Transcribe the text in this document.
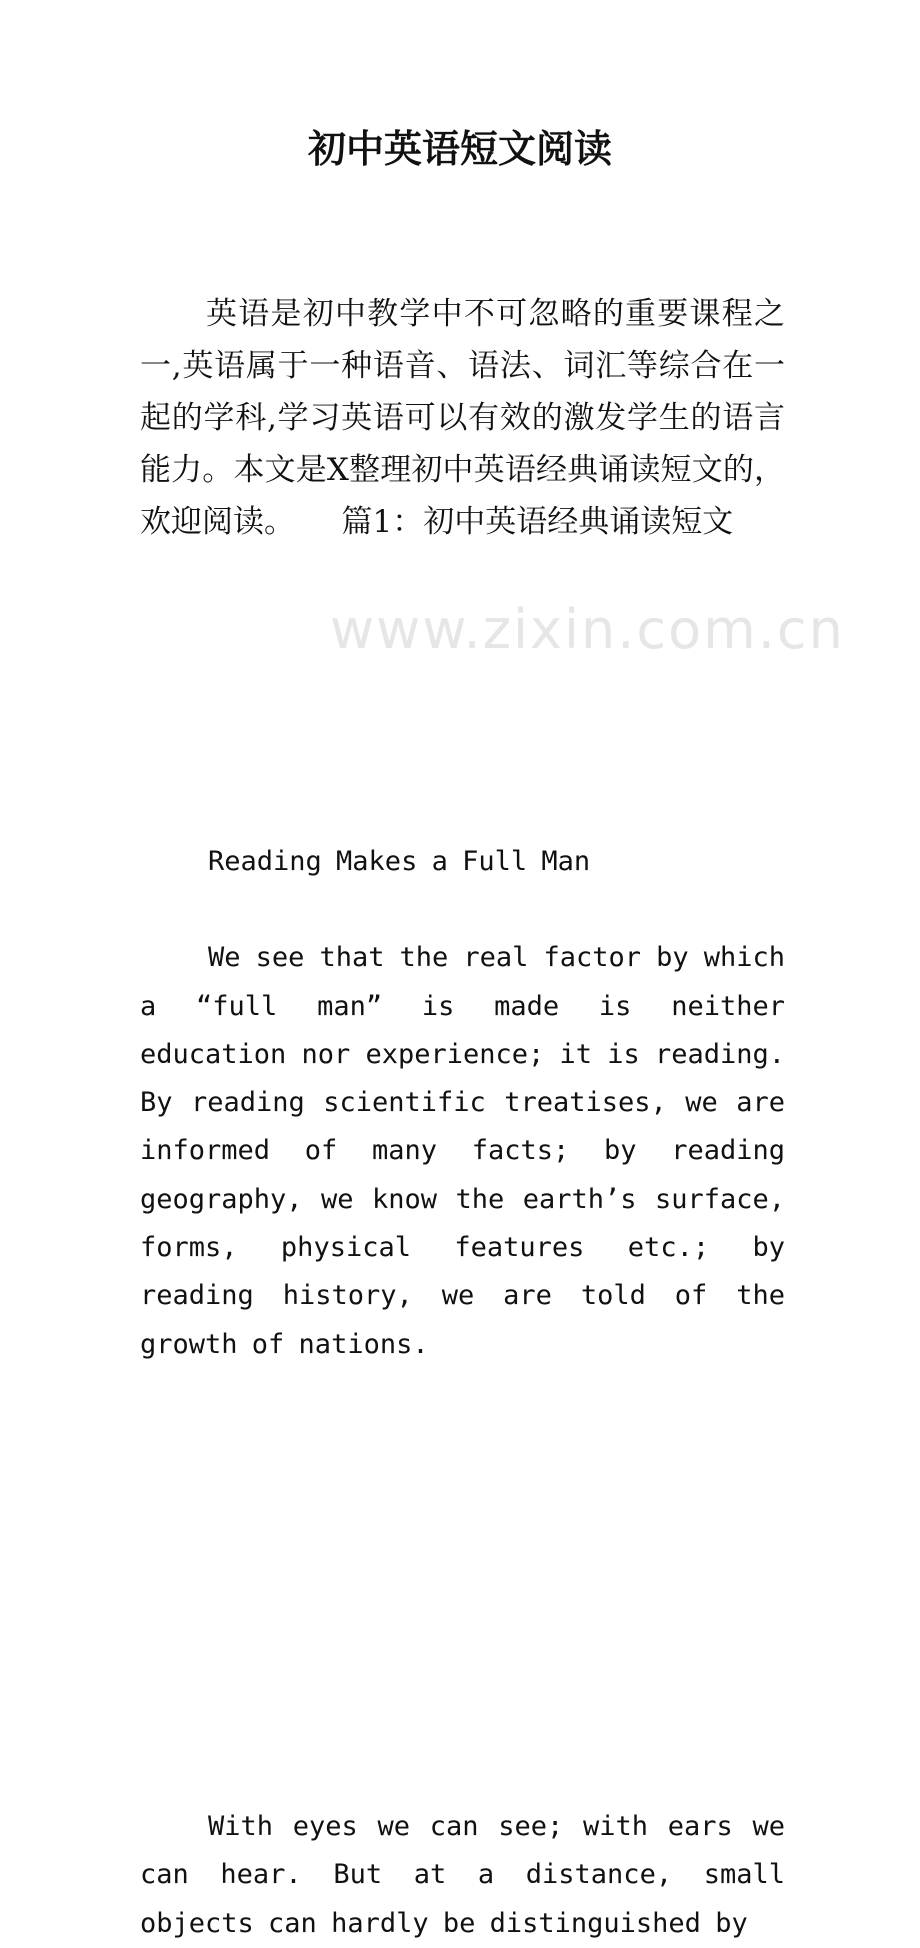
www.zixin.com.cn
初中英语短文阅读

英语是初中教学中不可忽略的重要课程之一,英语属于一种语音、语法、词汇等综合在一起的学科,学习英语可以有效的激发学生的语言能力。本文是X整理初中英语经典诵读短文的，欢迎阅读。　　篇1：初中英语经典诵读短文

Reading Makes a Full Man

We see that the real factor by which a “full man” is made is neither education nor experience; it is reading. By reading scientific treatises, we are informed of many facts; by reading geography, we know the earth’s surface, forms, physical features etc.; by reading history, we are told of the growth of nations.

With eyes we can see; with ears we can hear. But at a distance, small objects can hardly be distinguished by
